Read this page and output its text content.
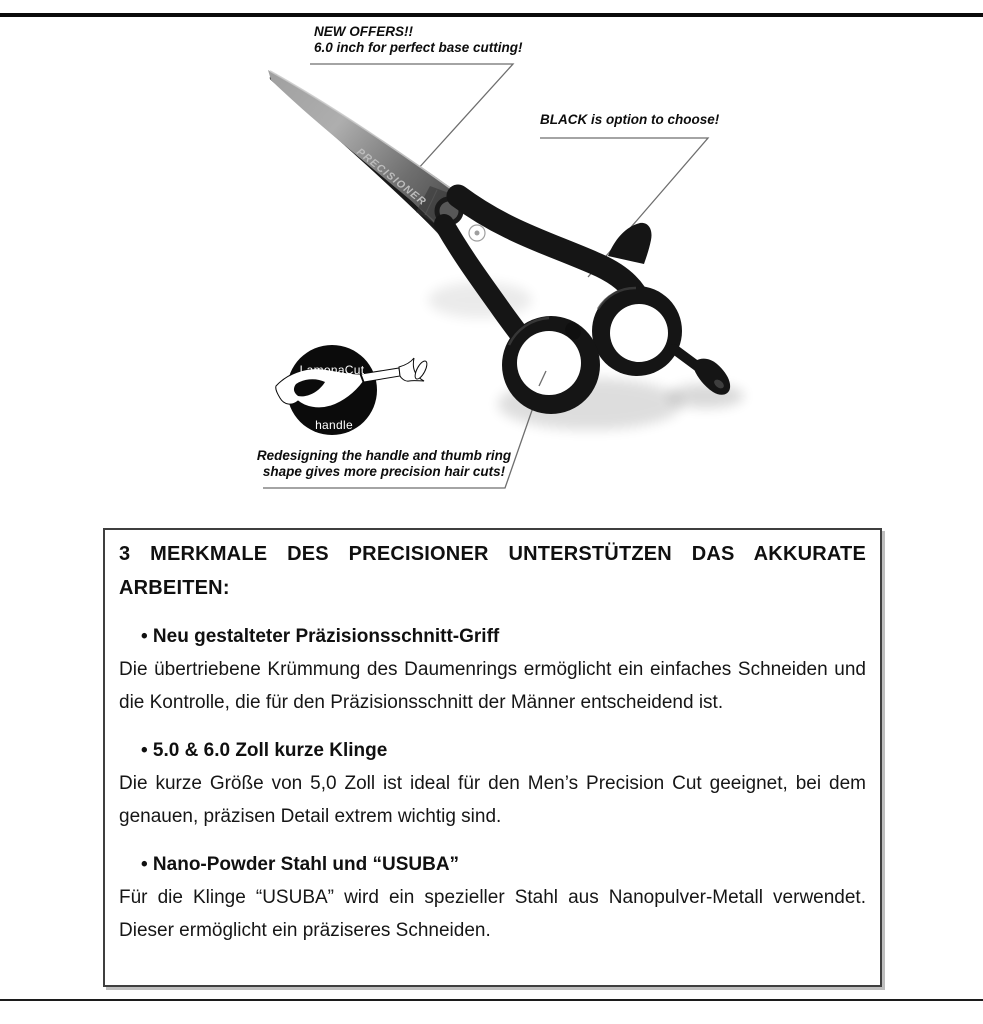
PRECISIONER
LamonaCut
handle
NEW OFFERS!!
6.0 inch for perfect base cutting!
BLACK is option to choose!
Redesigning the handle and thumb ring
shape gives more precision hair cuts!
3 MERKMALE DES PRECISIONER UNTERSTÜTZEN DAS AKKURATE ARBEITEN:

• Neu gestalteter Präzisionsschnitt-Griff

Die übertriebene Krümmung des Daumenrings ermöglicht ein einfaches Schneiden und die Kontrolle, die für den Präzisionsschnitt der Männer entscheidend ist.

• 5.0 & 6.0 Zoll kurze Klinge

Die kurze Größe von 5,0 Zoll ist ideal für den Men’s Precision Cut geeignet, bei dem genauen, präzisen Detail extrem wichtig sind.

• Nano-Powder Stahl und “USUBA”

Für die Klinge “USUBA” wird ein spezieller Stahl aus Nanopulver-Metall verwendet. Dieser ermöglicht ein präziseres Schneiden.
